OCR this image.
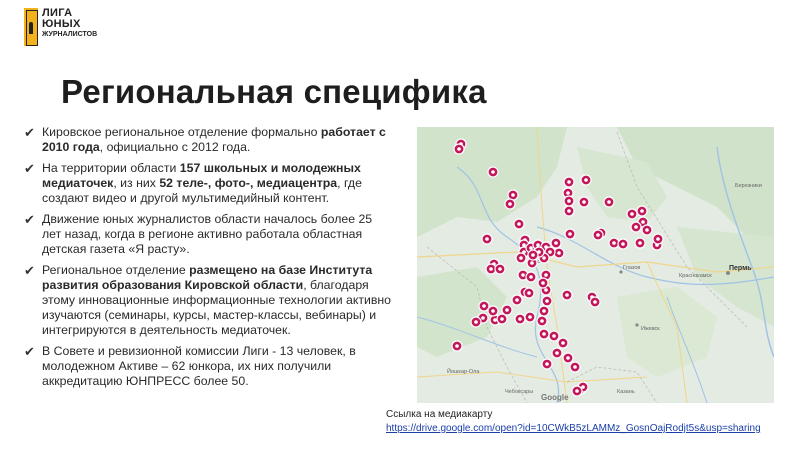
ЛИГА
ЮНЫХ
ЖУРНАЛИСТОВ
Региональная специфика
✔ Кировское региональное отделение формально работает с 2010 года, официально с 2012 года.
✔ На территории области 157 школьных и молодежных медиаточек, из них 52 теле-, фото-, медиацентра, где создают видео и другой мультимедийный контент.
✔ Движение юных журналистов области началось более 25 лет назад, когда в регионе активно работала областная детская газета «Я расту».
✔ Региональное отделение размещено на базе Института развития образования Кировской области, благодаря этому инновационные информационные технологии активно изучаются (семинары, курсы, мастер-классы, вебинары) и интегрируются в деятельность медиаточек.
✔ В Совете и ревизионной комиссии Лиги - 13 человек, в молодежном Активе – 62 юнкора, их них получили аккредитацию ЮНПРЕСС более 50.
Глазов
Ижевск
Краснокамск
Пермь
Березники
Йошкар-Ола
Чебоксары	Казань
Google
Ссылка на медиакарту
https://drive.google.com/open?id=10CWkB5zLAMMz_GosnOajRodjt5s&usp=sharing
